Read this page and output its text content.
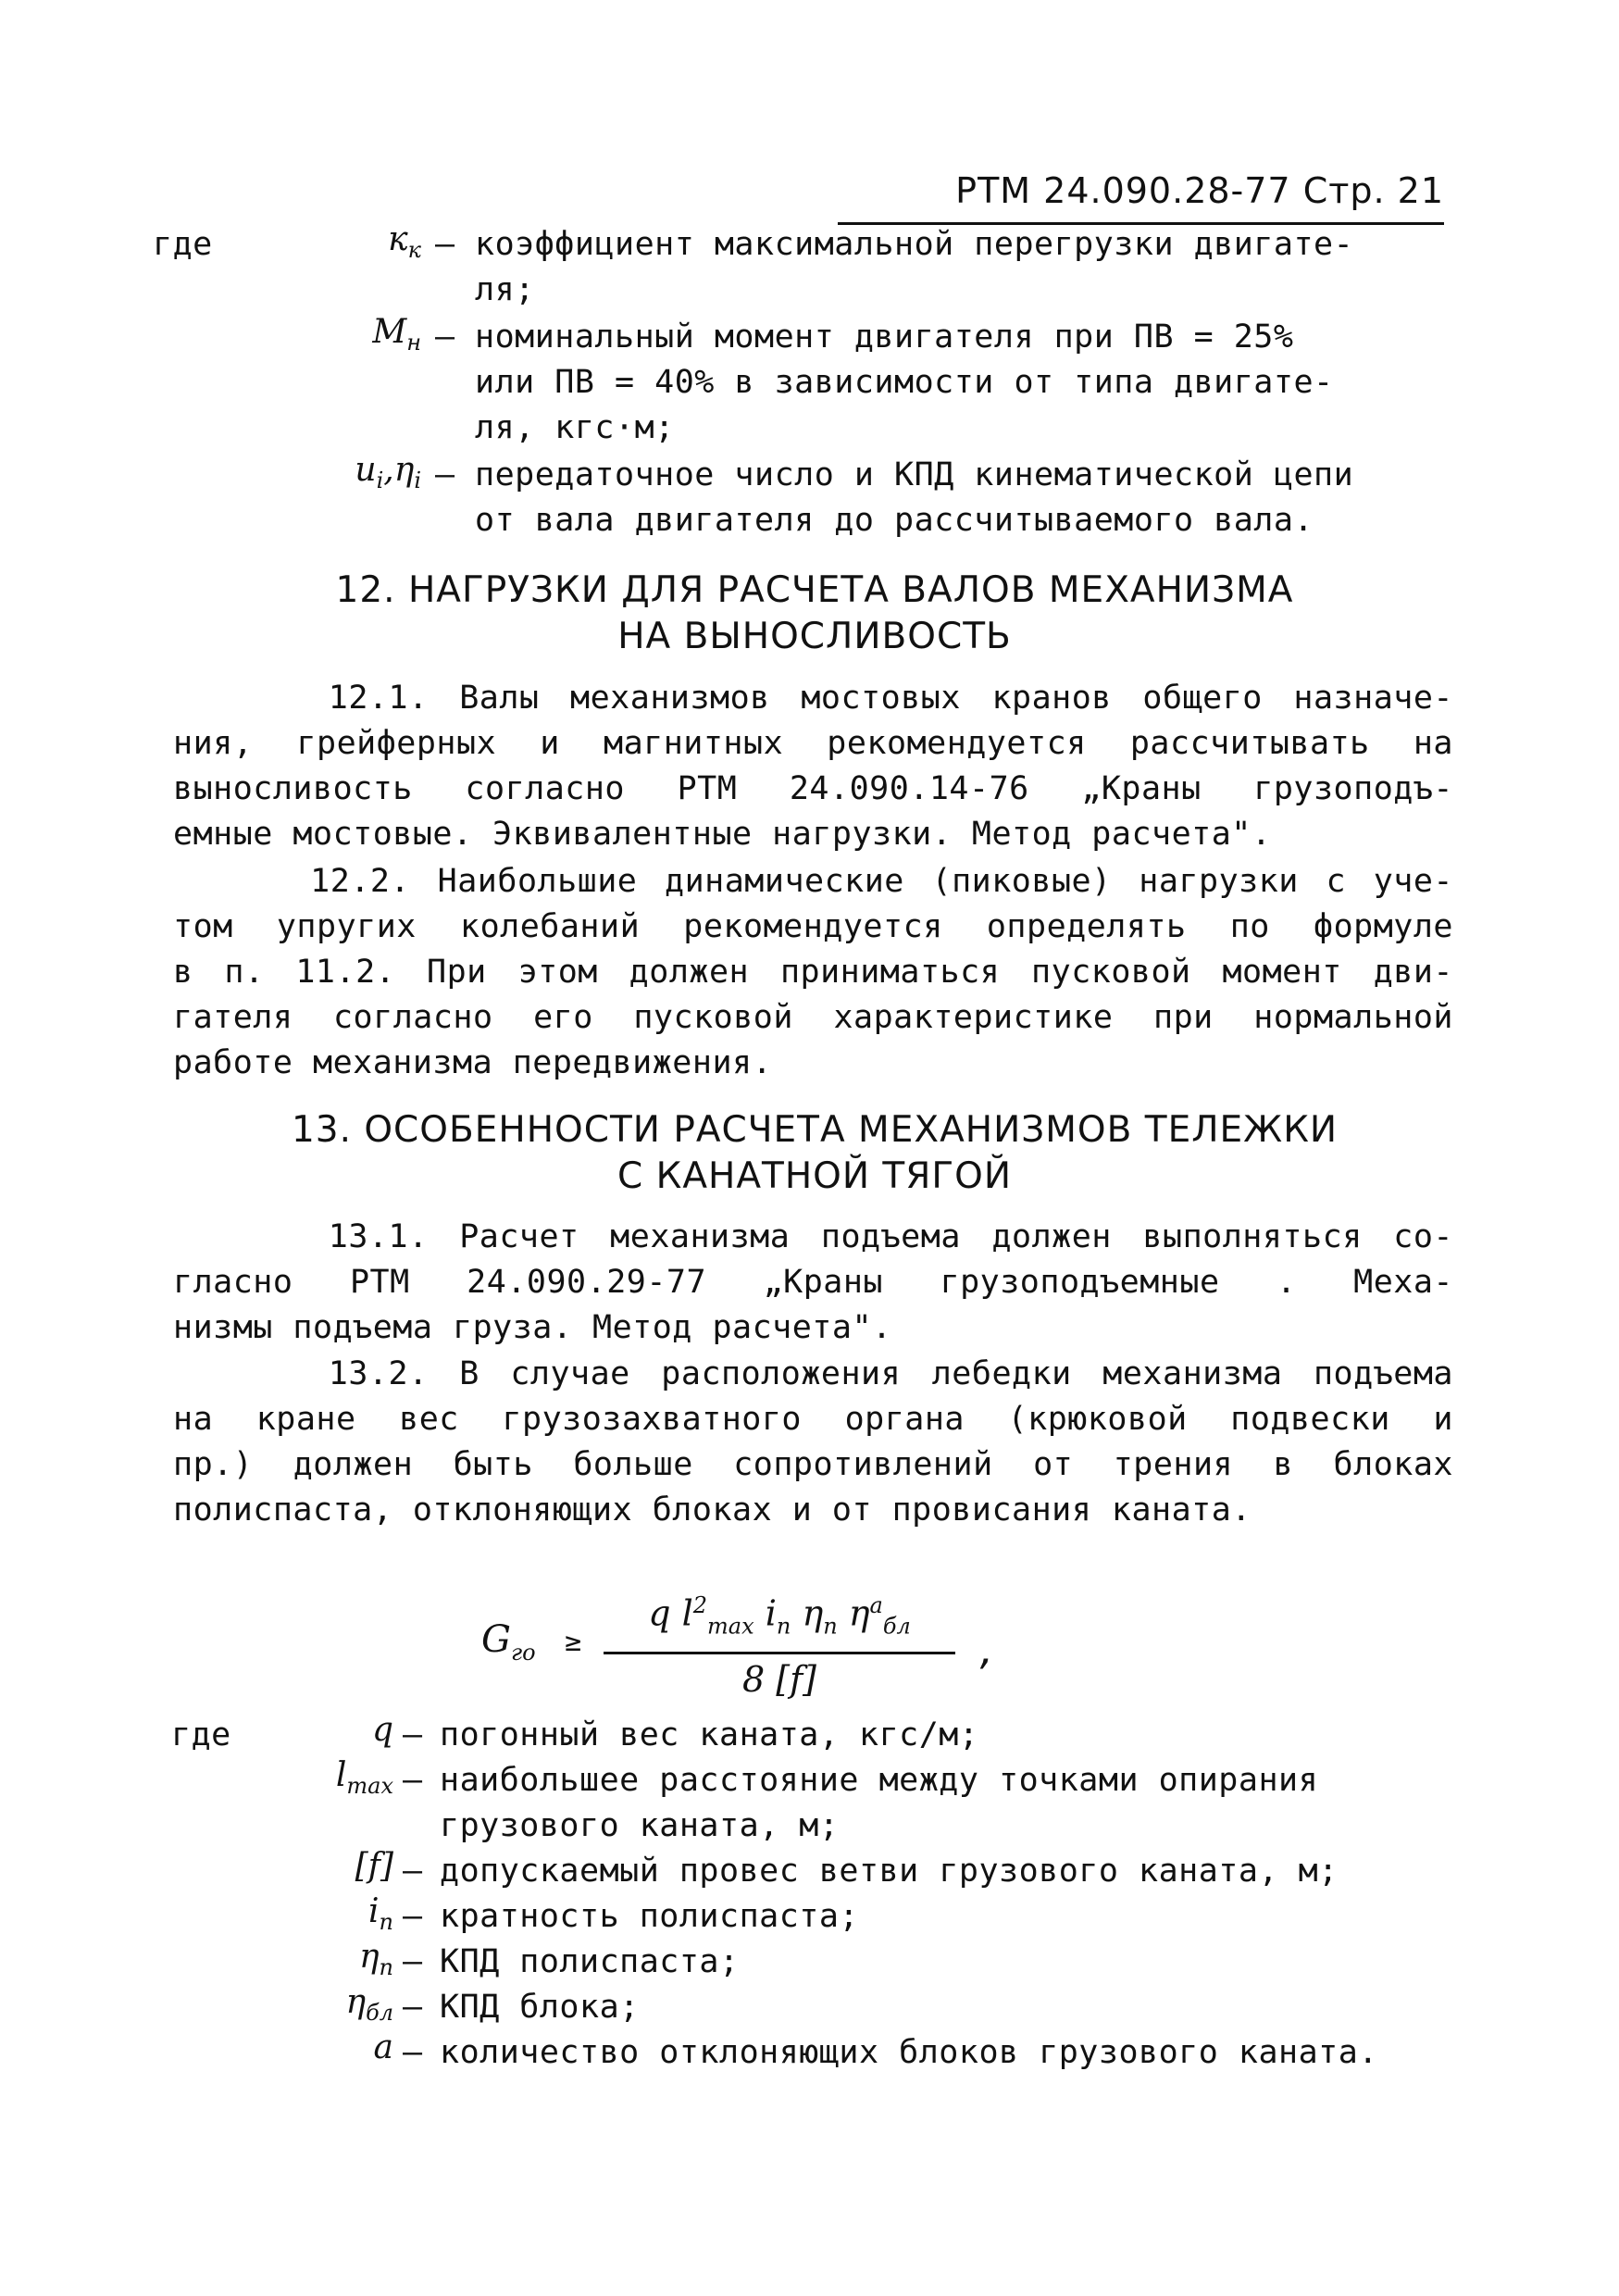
РТМ 24.090.28-77 Стр. 21
где	$к_к$ – коэффициент максимальной перегрузки двигате-
ля;
$М_н$ – номинальный момент двигателя при ПВ = 25%
или ПВ = 40% в зависимости от типа двигате-
ля, кгс·м;
$u_i,\eta_i$ – передаточное число и КПД кинематической цепи
от вала двигателя до рассчитываемого вала.
12. НАГРУЗКИ ДЛЯ РАСЧЕТА ВАЛОВ МЕХАНИЗМА
НА ВЫНОСЛИВОСТЬ
12.1. Валы механизмов мостовых кранов общего назначе-
ния, грейферных и магнитных рекомендуется рассчитывать на
выносливость согласно РТМ 24.090.14-76 „Краны грузоподъ-
емные мостовые. Эквивалентные нагрузки. Метод расчета".
12.2. Наибольшие динамические (пиковые) нагрузки с уче-
том упругих колебаний рекомендуется определять по формуле
в п. 11.2. При этом должен приниматься пусковой момент дви-
гателя согласно его пусковой характеристике при нормальной
работе механизма передвижения.
13. ОСОБЕННОСТИ РАСЧЕТА МЕХАНИЗМОВ ТЕЛЕЖКИ
С КАНАТНОЙ ТЯГОЙ
13.1. Расчет механизма подъема должен выполняться со-
гласно РТМ 24.090.29-77 „Краны грузоподъемные . Меха-
низмы подъема груза. Метод расчета".
13.2. В случае расположения лебедки механизма подъема
на кране вес грузозахватного органа (крюковой подвески и
пр.) должен быть больше сопротивлений от трения в блоках
полиспаста, отклоняющих блоках и от провисания каната.
$G_{го}$ ≥
q $l^2_{max}$ $i_п$ $\eta_п$ $\eta^a_{бл}$
8 [f]
,
где	q – погонный вес каната, кгс/м;
$l_{max}$ – наибольшее расстояние между точками опирания
грузового каната, м;
[f] – допускаемый провес ветви грузового каната, м;
$i_п$ – кратность полиспаста;
$\eta_п$ – КПД полиспаста;
$\eta_{бл}$ – КПД блока;
a – количество отклоняющих блоков грузового каната.
